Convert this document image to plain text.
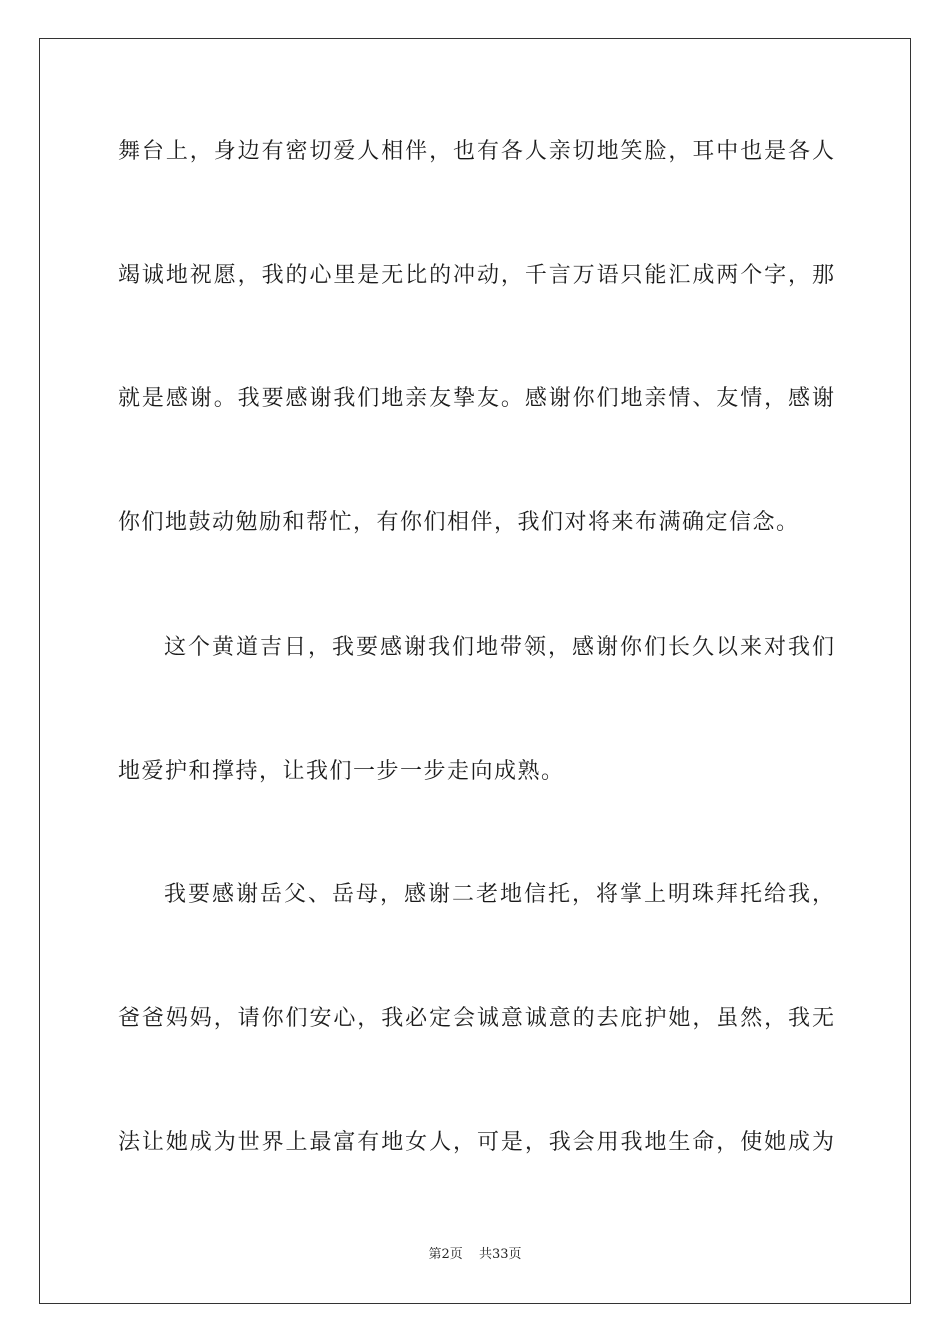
舞台上，身边有密切爱人相伴，也有各人亲切地笑脸，耳中也是各人
竭诚地祝愿，我的心里是无比的冲动，千言万语只能汇成两个字，那
就是感谢。我要感谢我们地亲友挚友。感谢你们地亲情、友情，感谢
你们地鼓动勉励和帮忙，有你们相伴，我们对将来布满确定信念。
这个黄道吉日，我要感谢我们地带领，感谢你们长久以来对我们
地爱护和撑持，让我们一步一步走向成熟。
我要感谢岳父、岳母，感谢二老地信托，将掌上明珠拜托给我，
爸爸妈妈，请你们安心，我必定会诚意诚意的去庇护她，虽然，我无
法让她成为世界上最富有地女人，可是，我会用我地生命，使她成为
第2页 共33页
